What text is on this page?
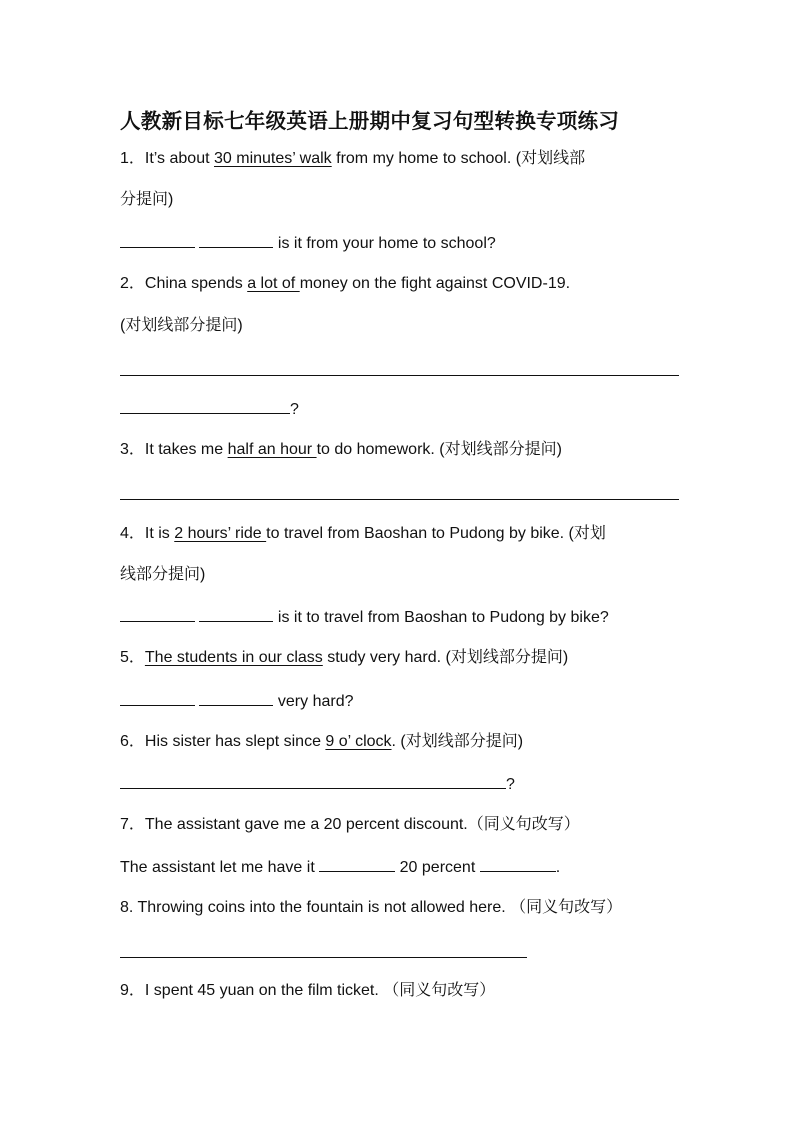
人教新目标七年级英语上册期中复习句型转换专项练习
1．It’s about 30 minutes’ walk from my home to school. (对划线部
分提问)
is it from your home to school?
2．China spends a lot of money on the fight against COVID-19.
(对划线部分提问)
?
3．It takes me half an hour to do homework. (对划线部分提问)
4．It is 2 hours’ ride to travel from Baoshan to Pudong by bike. (对划
线部分提问)
is it to travel from Baoshan to Pudong by bike?
5．The students in our class study very hard. (对划线部分提问)
very hard?
6．His sister has slept since 9 o’ clock. (对划线部分提问)
?
7．The assistant gave me a 20 percent discount.（同义句改写）
The assistant let me have it	20 percent	.
8. Throwing coins into the fountain is not allowed here. （同义句改写）
9．I spent 45 yuan on the film ticket. （同义句改写）
